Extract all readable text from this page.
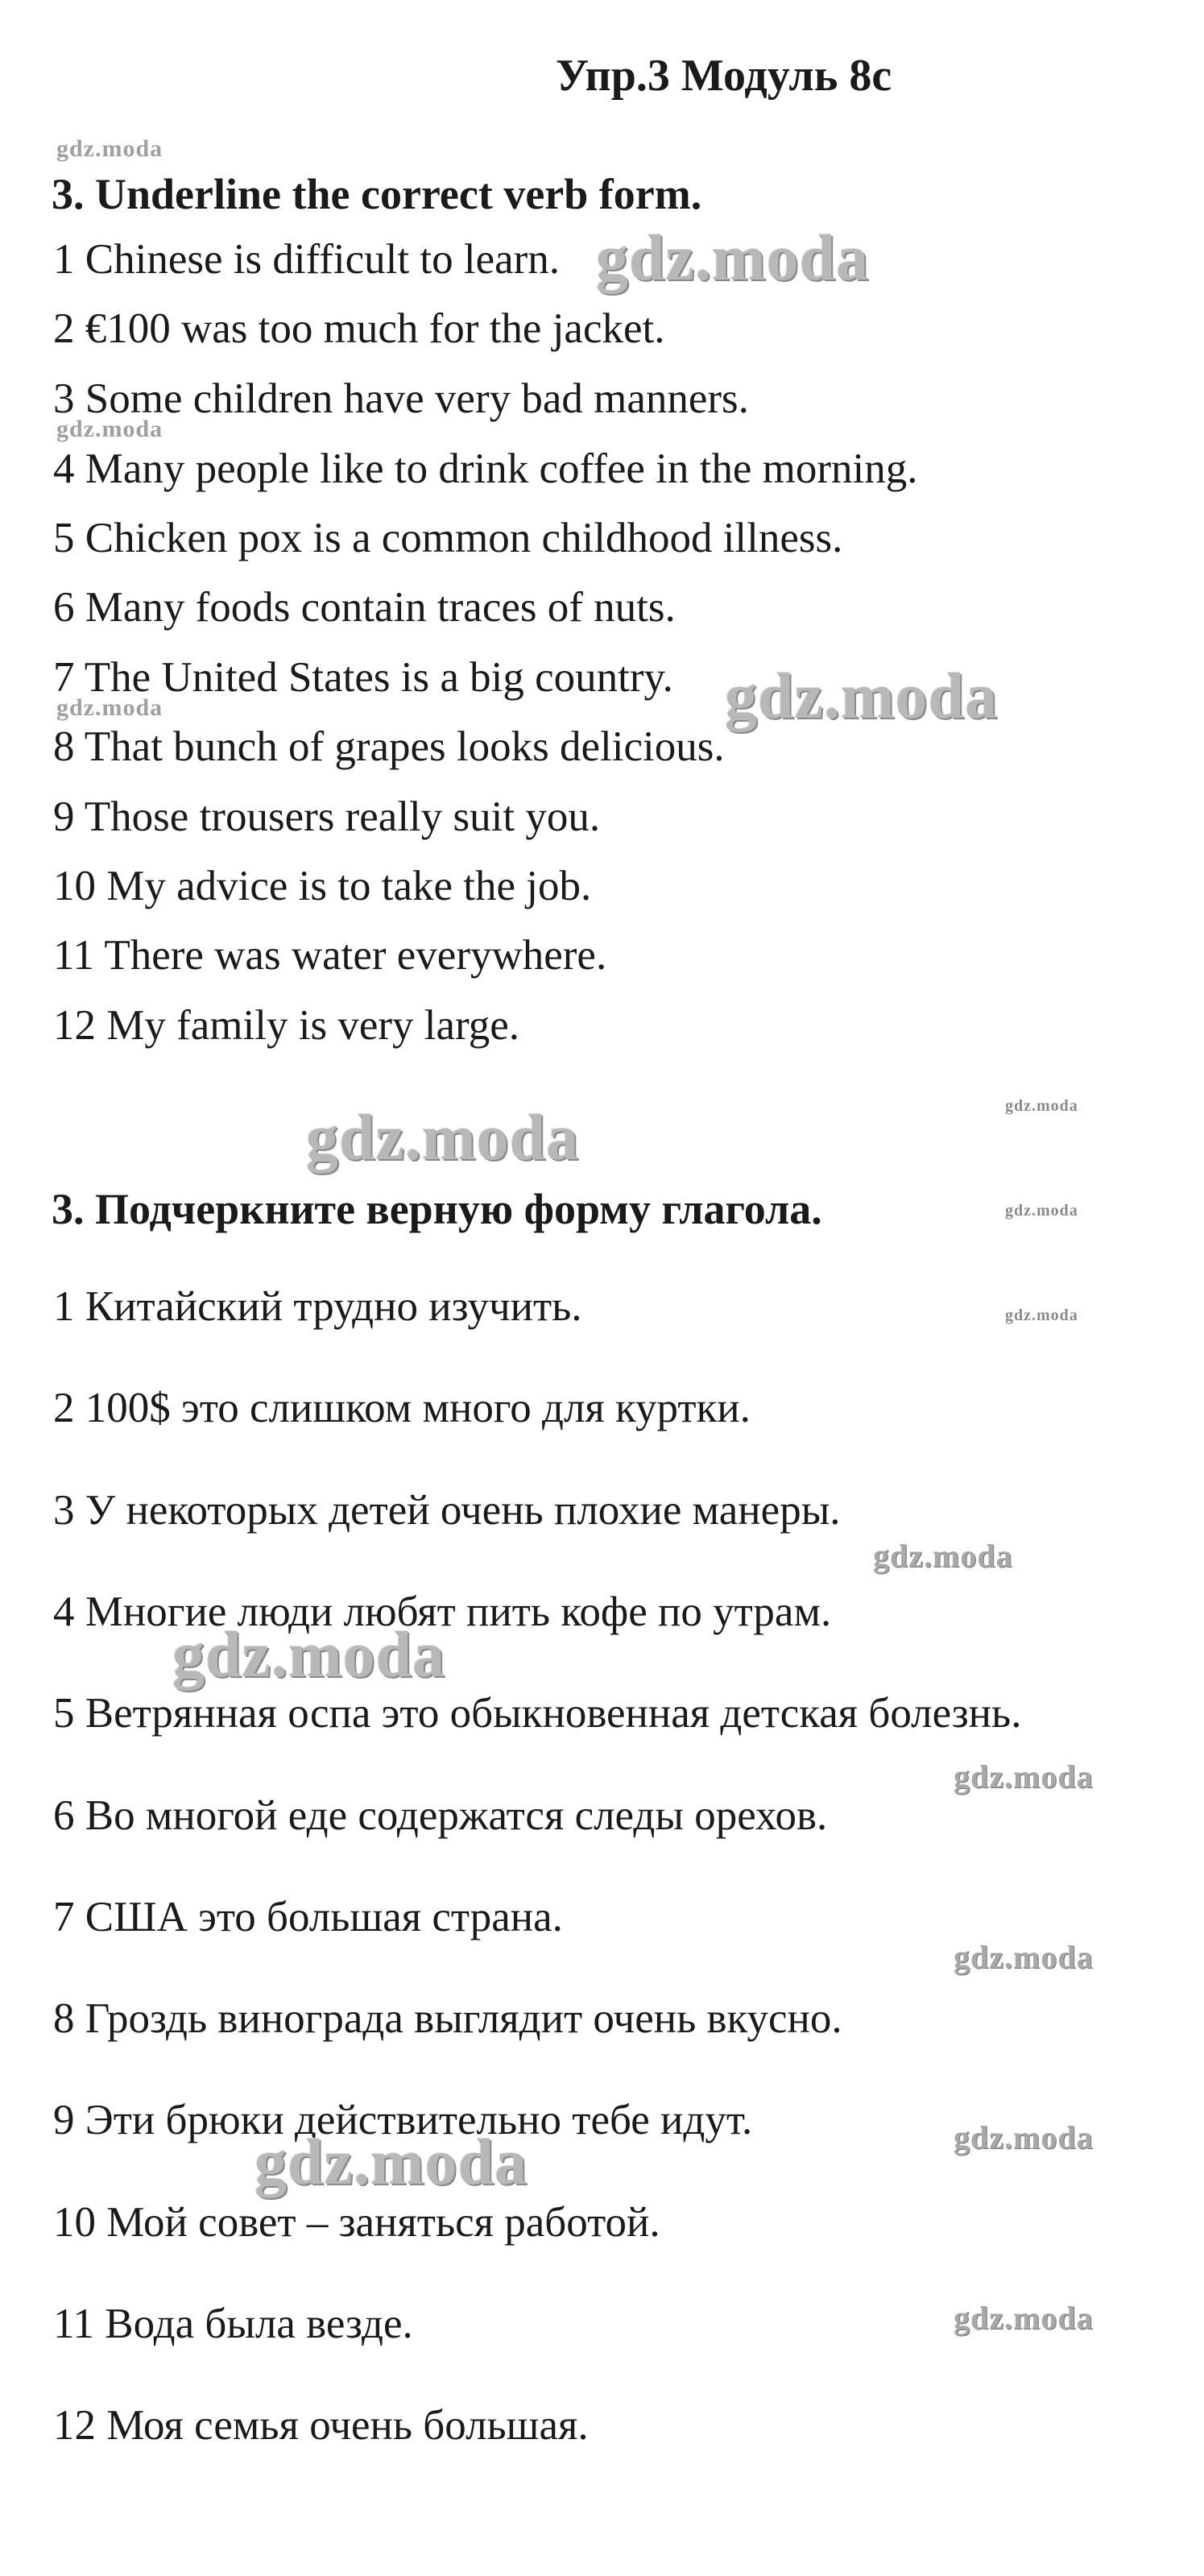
Упр.3 Модуль 8с
3. Underline the correct verb form.
1 Chinese is difficult to learn.
2 €100 was too much for the jacket.
3 Some children have very bad manners.
4 Many people like to drink coffee in the morning.
5 Chicken pox is a common childhood illness.
6 Many foods contain traces of nuts.
7 The United States is a big country.
8 That bunch of grapes looks delicious.
9 Those trousers really suit you.
10 My advice is to take the job.
11 There was water everywhere.
12 My family is very large.
3. Подчеркните верную форму глагола.
1 Китайский трудно изучить.
2 100$ это слишком много для куртки.
3 У некоторых детей очень плохие манеры.
4 Многие люди любят пить кофе по утрам.
5 Ветрянная оспа это обыкновенная детская болезнь.
6 Во многой еде содержатся следы орехов.
7 США это большая страна.
8 Гроздь винограда выглядит очень вкусно.
9 Эти брюки действительно тебе идут.
10 Мой совет – заняться работой.
11 Вода была везде.
12 Моя семья очень большая.
gdz.moda
gdz.moda
gdz.moda
gdz.moda	gdz.moda
gdz.moda
gdz.moda
gdz.moda
gdz.moda
gdz.moda
gdz.moda
gdz.moda
gdz.moda
gdz.moda
gdz.moda
gdz.moda
